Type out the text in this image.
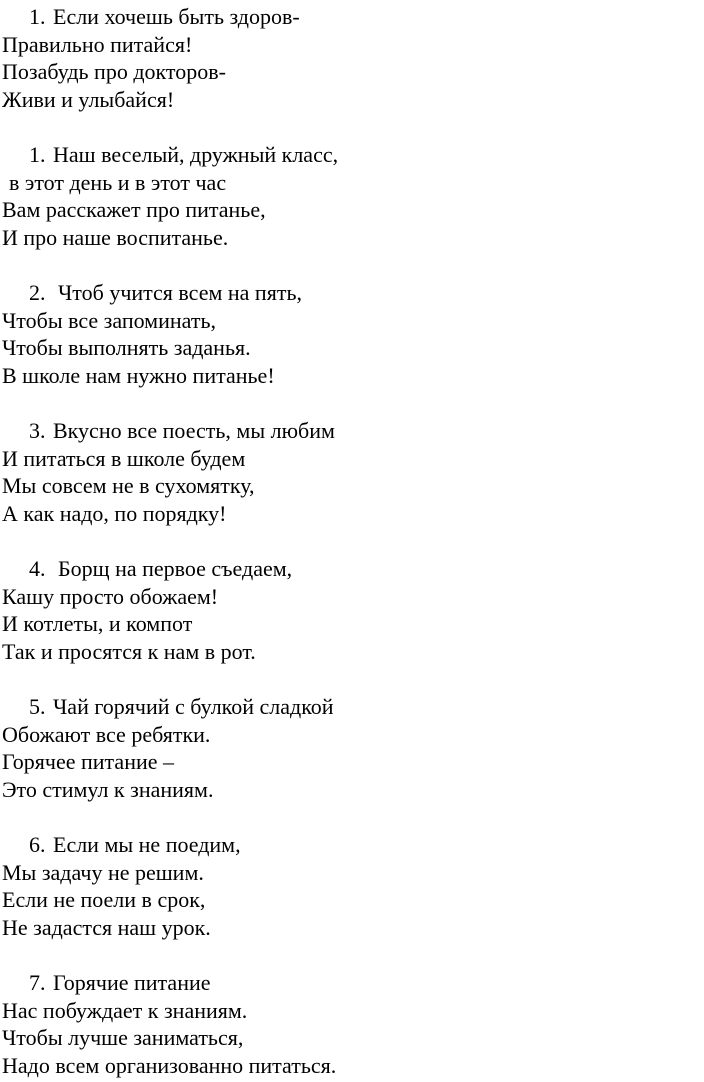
1. Если хочешь быть здоров-

Правильно питайся!

Позабудь про докторов-

Живи и улыбайся!

1. Наш веселый, дружный класс,

в этот день и в этот час

Вам расскажет про питанье,

И про наше воспитанье.

2. Чтоб учится всем на пять,

Чтобы все запоминать,

Чтобы выполнять заданья.

В школе нам нужно питанье!

3. Вкусно все поесть, мы любим

И питаться в школе будем

Мы совсем не в сухомятку,

А как надо, по порядку!

4. Борщ на первое съедаем,

Кашу просто обожаем!

И котлеты, и компот

Так и просятся к нам в рот.

5. Чай горячий с булкой сладкой

Обожают все ребятки.

Горячее питание –

Это стимул к знаниям.

6. Если мы не поедим,

Мы задачу не решим.

Если не поели в срок,

Не задастся наш урок.

7. Горячие питание

Нас побуждает к знаниям.

Чтобы лучше заниматься,

Надо всем организованно питаться.
